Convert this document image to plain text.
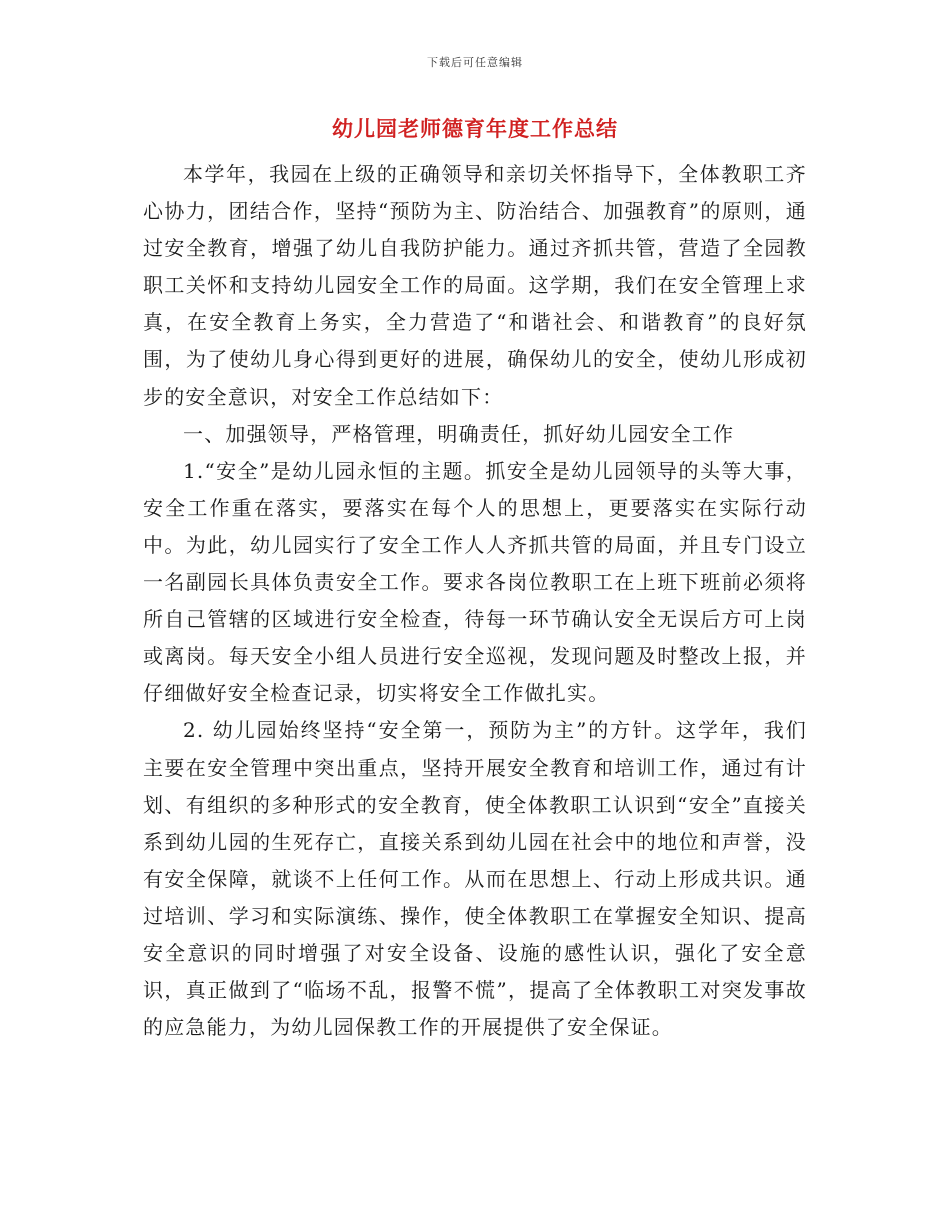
下载后可任意编辑
幼儿园老师德育年度工作总结

本学年，我园在上级的正确领导和亲切关怀指导下，全体教职工齐心协力，团结合作，坚持“预防为主、防治结合、加强教育”的原则，通过安全教育，增强了幼儿自我防护能力。通过齐抓共管，营造了全园教职工关怀和支持幼儿园安全工作的局面。这学期，我们在安全管理上求真，在安全教育上务实，全力营造了“和谐社会、和谐教育”的良好氛围，为了使幼儿身心得到更好的进展，确保幼儿的安全，使幼儿形成初步的安全意识，对安全工作总结如下：

一、加强领导，严格管理，明确责任，抓好幼儿园安全工作

1.“安全”是幼儿园永恒的主题。抓安全是幼儿园领导的头等大事，安全工作重在落实，要落实在每个人的思想上，更要落实在实际行动中。为此，幼儿园实行了安全工作人人齐抓共管的局面，并且专门设立一名副园长具体负责安全工作。要求各岗位教职工在上班下班前必须将所自己管辖的区域进行安全检查，待每一环节确认安全无误后方可上岗或离岗。每天安全小组人员进行安全巡视，发现问题及时整改上报，并仔细做好安全检查记录，切实将安全工作做扎实。

2. 幼儿园始终坚持“安全第一，预防为主”的方针。这学年，我们主要在安全管理中突出重点，坚持开展安全教育和培训工作，通过有计划、有组织的多种形式的安全教育，使全体教职工认识到“安全”直接关系到幼儿园的生死存亡，直接关系到幼儿园在社会中的地位和声誉，没有安全保障，就谈不上任何工作。从而在思想上、行动上形成共识。通过培训、学习和实际演练、操作，使全体教职工在掌握安全知识、提高安全意识的同时增强了对安全设备、设施的感性认识，强化了安全意识，真正做到了“临场不乱，报警不慌”，提高了全体教职工对突发事故的应急能力，为幼儿园保教工作的开展提供了安全保证。
